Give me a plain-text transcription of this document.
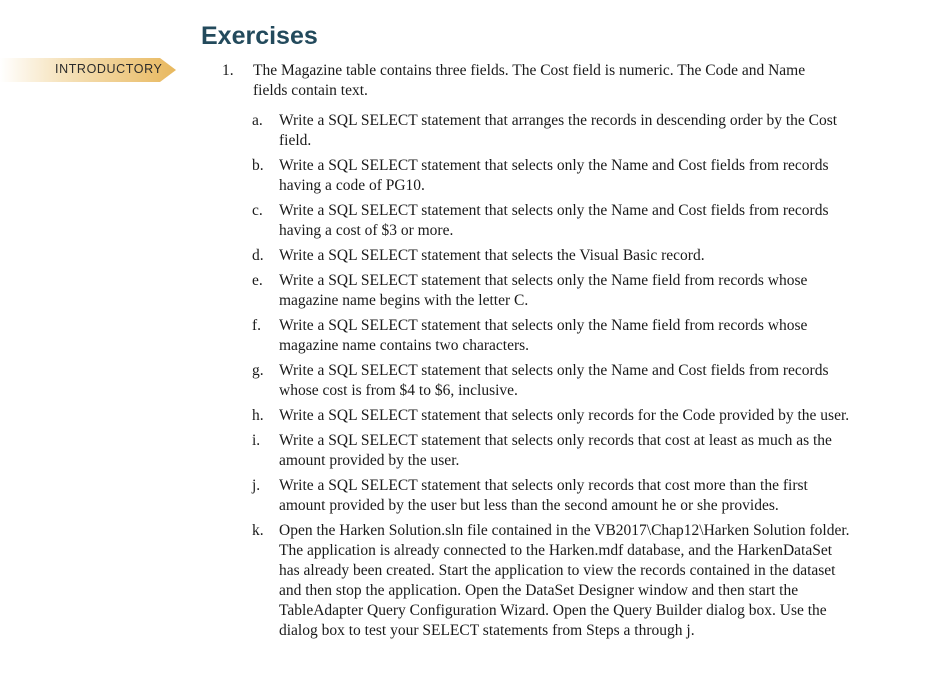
Exercises
INTRODUCTORY	1. The Magazine table contains three fields. The Cost field is numeric. The Code and Name fields contain text.
a. Write a SQL SELECT statement that arranges the records in descending order by the Cost field.
b. Write a SQL SELECT statement that selects only the Name and Cost fields from records having a code of PG10.
c. Write a SQL SELECT statement that selects only the Name and Cost fields from records having a cost of $3 or more.
d. Write a SQL SELECT statement that selects the Visual Basic record.
e. Write a SQL SELECT statement that selects only the Name field from records whose magazine name begins with the letter C.
f. Write a SQL SELECT statement that selects only the Name field from records whose magazine name contains two characters.
g. Write a SQL SELECT statement that selects only the Name and Cost fields from records whose cost is from $4 to $6, inclusive.
h. Write a SQL SELECT statement that selects only records for the Code provided by the user.
i. Write a SQL SELECT statement that selects only records that cost at least as much as the amount provided by the user.
j. Write a SQL SELECT statement that selects only records that cost more than the first amount provided by the user but less than the second amount he or she provides.
k. Open the Harken Solution.sln file contained in the VB2017\Chap12\Harken Solution folder. The application is already connected to the Harken.mdf database, and the HarkenDataSet has already been created. Start the application to view the records contained in the dataset and then stop the application. Open the DataSet Designer window and then start the TableAdapter Query Configuration Wizard. Open the Query Builder dialog box. Use the dialog box to test your SELECT statements from Steps a through j.
